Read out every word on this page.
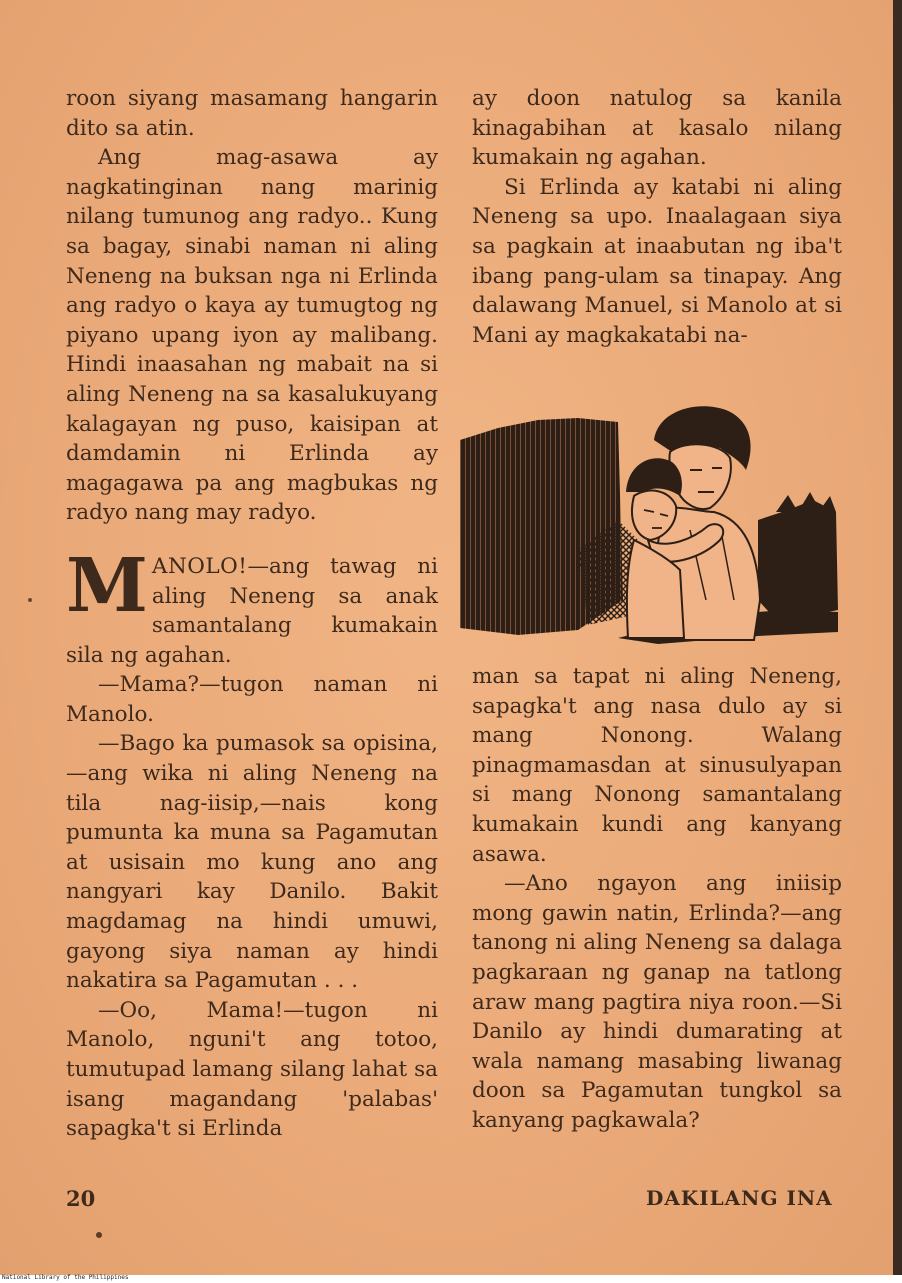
roon siyang masamang hangarin dito sa atin.

Ang mag-asawa ay nagkatinginan nang marinig nilang tumunog ang radyo.. Kung sa bagay, sinabi naman ni aling Neneng na buksan nga ni Erlinda ang radyo o kaya ay tumugtog ng piyano upang iyon ay malibang. Hindi inaasahan ng mabait na si aling Neneng na sa kasalukuyang kalagayan ng puso, kaisipan at damdamin ni Erlinda ay magagawa pa ang magbukas ng radyo nang may radyo.

MANOLO!—ang tawag ni aling Neneng sa anak samantalang kumakain sila ng agahan.

—Mama?—tugon naman ni Manolo.

—Bago ka pumasok sa opisina,—ang wika ni aling Neneng na tila nag-iisip,—nais kong pumunta ka muna sa Pagamutan at usisain mo kung ano ang nangyari kay Danilo. Bakit magdamag na hindi umuwi, gayong siya naman ay hindi nakatira sa Pagamutan . . .

—Oo, Mama!—tugon ni Manolo, nguni't ang totoo, tumutupad lamang silang lahat sa isang magandang 'palabas' sapagka't si Erlinda

ay doon natulog sa kanila kinagabihan at kasalo nilang kumakain ng agahan.

Si Erlinda ay katabi ni aling Neneng sa upo. Inaalagaan siya sa pagkain at inaabutan ng iba't ibang pang-ulam sa tinapay. Ang dalawang Manuel, si Manolo at si Mani ay magkakatabi na-

man sa tapat ni aling Neneng, sapagka't ang nasa dulo ay si mang Nonong. Walang pinagmamasdan at sinusulyapan si mang Nonong samantalang kumakain kundi ang kanyang asawa.

—Ano ngayon ang iniisip mong gawin natin, Erlinda?—ang tanong ni aling Neneng sa dalaga pagkaraan ng ganap na tatlong araw mang pagtira niya roon.—Si Danilo ay hindi dumarating at wala namang masabing liwanag doon sa Pagamutan tungkol sa kanyang pagkawala?

20	DAKILANG INA
National Library of the Philippines
